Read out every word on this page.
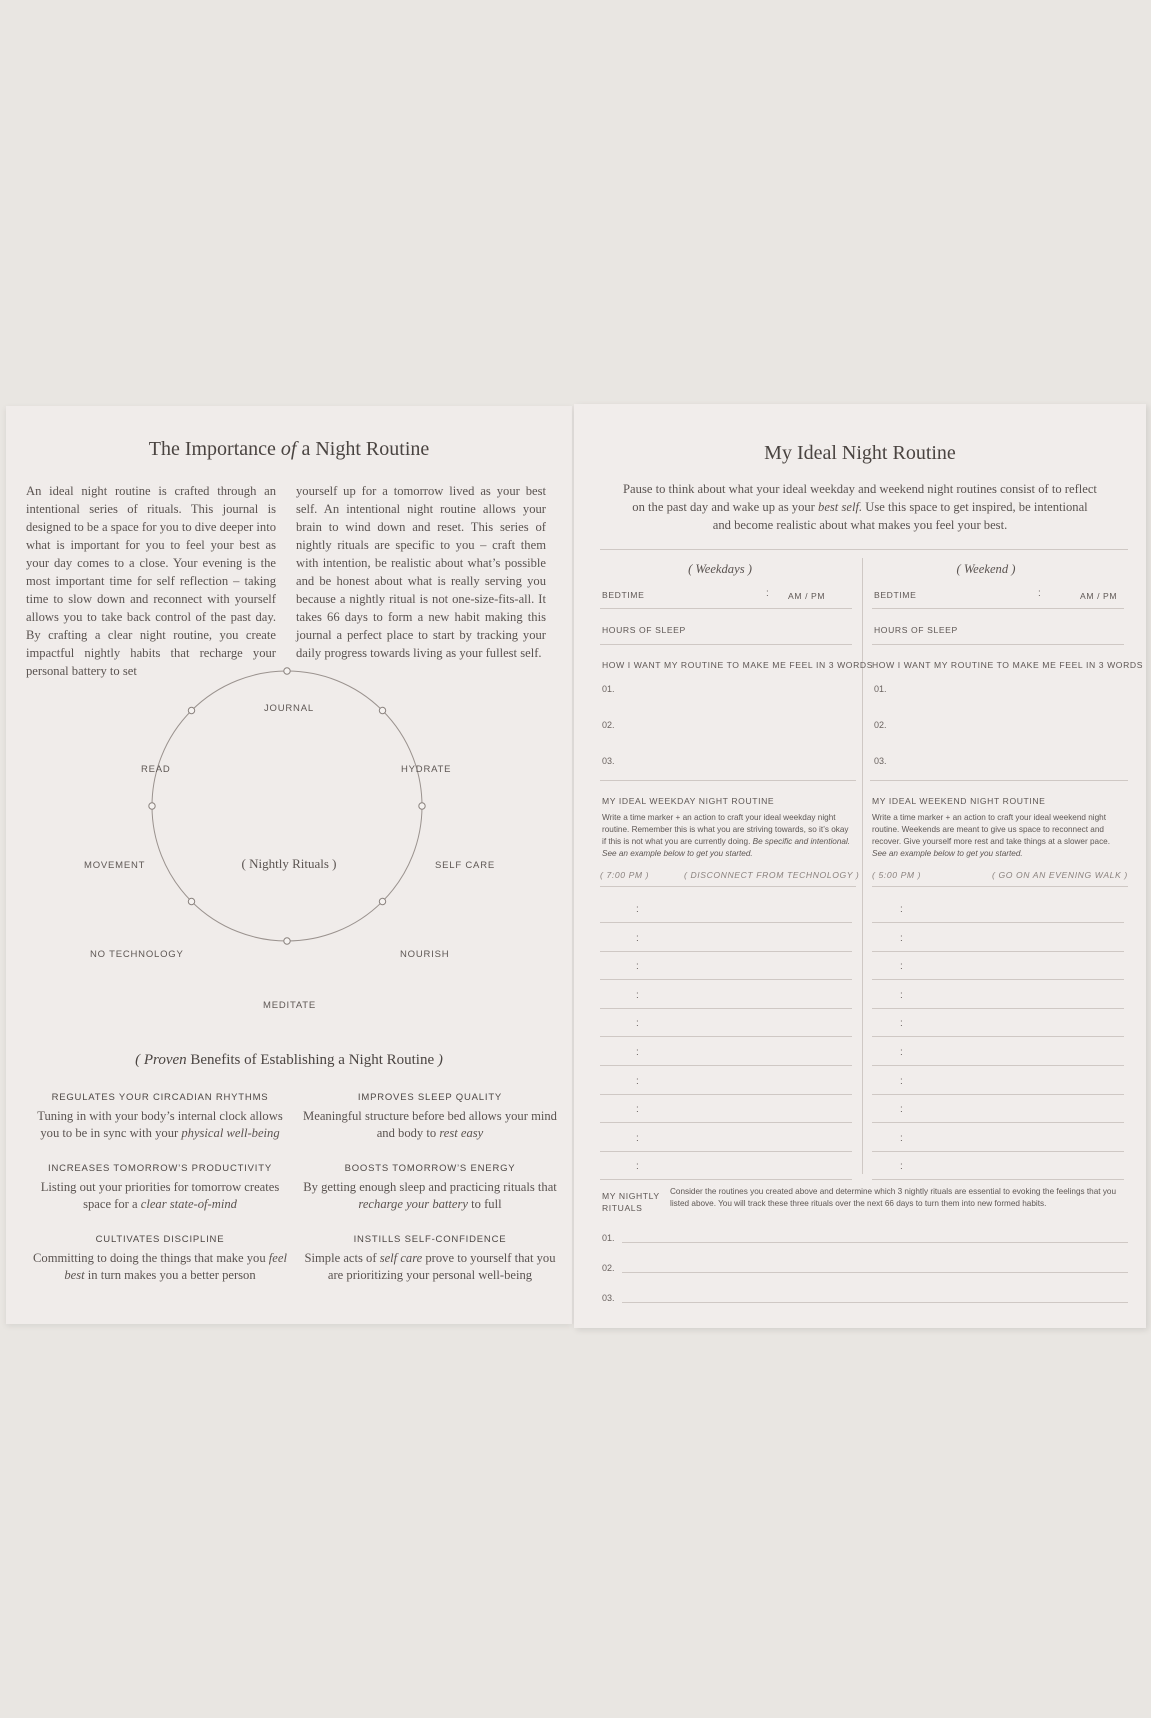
The Importance of a Night Routine
An ideal night routine is crafted through an intentional series of rituals. This journal is designed to be a space for you to dive deeper into what is important for you to feel your best as your day comes to a close. Your evening is the most important time for self reflection – taking time to slow down and reconnect with yourself allows you to take back control of the past day. By crafting a clear night routine, you create impactful nightly habits that recharge your personal battery to set
yourself up for a tomorrow lived as your best self. An intentional night routine allows your brain to wind down and reset. This series of nightly rituals are specific to you – craft them with intention, be realistic about what’s possible and be honest about what is really serving you because a nightly ritual is not one-size-fits-all. It takes 66 days to form a new habit making this journal a perfect place to start by tracking your daily progress towards living as your fullest self.
JOURNAL
HYDRATE
SELF CARE
NOURISH
MEDITATE
NO TECHNOLOGY
MOVEMENT
READ
( Nightly Rituals )
( Proven Benefits of Establishing a Night Routine )
REGULATES YOUR CIRCADIAN RHYTHMS
Tuning in with your body’s internal clock allows you to be in sync with your physical well-being
IMPROVES SLEEP QUALITY
Meaningful structure before bed allows your mind and body to rest easy
INCREASES TOMORROW’S PRODUCTIVITY
Listing out your priorities for tomorrow creates space for a clear state-of-mind
BOOSTS TOMORROW’S ENERGY
By getting enough sleep and practicing rituals that recharge your battery to full
CULTIVATES DISCIPLINE
Committing to doing the things that make you feel best in turn makes you a better person
INSTILLS SELF-CONFIDENCE
Simple acts of self care prove to yourself that you are prioritizing your personal well-being
My Ideal Night Routine
Pause to think about what your ideal weekday and weekend night routines consist of to reflect on the past day and wake up as your best self. Use this space to get inspired, be intentional and become realistic about what makes you feel your best.
( Weekdays )
BEDTIME	: AM / PM
HOURS OF SLEEP
HOW I WANT MY ROUTINE TO MAKE ME FEEL IN 3 WORDS
01.
02.
03.
MY IDEAL WEEKDAY NIGHT ROUTINE
Write a time marker + an action to craft your ideal weekday night routine. Remember this is what you are striving towards, so it’s okay if this is not what you are currently doing. Be specific and intentional. See an example below to get you started.
( 7:00 PM )	( DISCONNECT FROM TECHNOLOGY )
( Weekend )
BEDTIME	:	AM / PM
HOURS OF SLEEP
HOW I WANT MY ROUTINE TO MAKE ME FEEL IN 3 WORDS
01.
02.
03.
MY IDEAL WEEKEND NIGHT ROUTINE
Write a time marker + an action to craft your ideal weekend night routine. Weekends are meant to give us space to reconnect and recover. Give yourself more rest and take things at a slower pace. See an example below to get you started.
( 5:00 PM )	( GO ON AN EVENING WALK )
:	:
:	:
:	:
:	:
:	:
:	:
:	:
:	:
:	:
:	:
MY NIGHTLY RITUALS
Consider the routines you created above and determine which 3 nightly rituals are essential to evoking the feelings that you listed above. You will track these three rituals over the next 66 days to turn them into new formed habits.
01.
02.
03.
